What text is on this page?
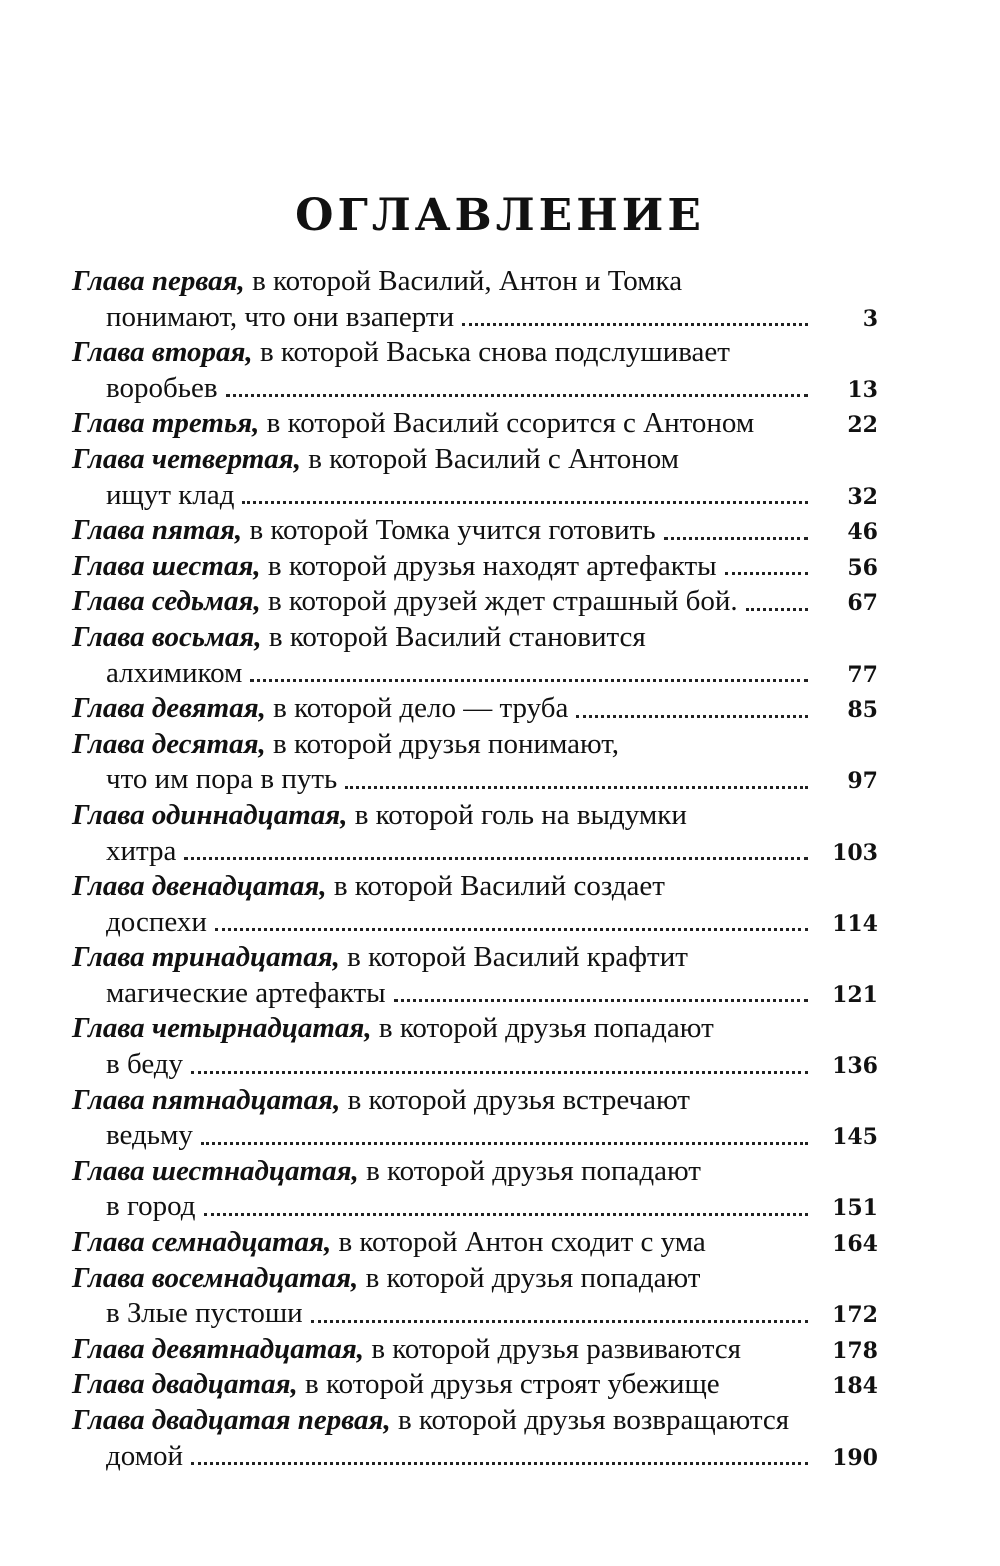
ОГЛАВЛЕНИЕ
Глава первая, в которой Василий, Антон и Томка
понимают, что они взаперти	3
Глава вторая, в которой Васька снова подслушивает
воробьев	13
Глава третья, в которой Василий ссорится с Антоном	22
Глава четвертая, в которой Василий с Антоном
ищут клад	32
Глава пятая, в которой Томка учится готовить	46
Глава шестая, в которой друзья находят артефакты	56
Глава седьмая, в которой друзей ждет страшный бой.	67
Глава восьмая, в которой Василий становится
алхимиком	77
Глава девятая, в которой дело — труба	85
Глава десятая, в которой друзья понимают,
что им пора в путь	97
Глава одиннадцатая, в которой голь на выдумки
хитра	103
Глава двенадцатая, в которой Василий создает
доспехи	114
Глава тринадцатая, в которой Василий крафтит
магические артефакты	121
Глава четырнадцатая, в которой друзья попадают
в беду	136
Глава пятнадцатая, в которой друзья встречают
ведьму	145
Глава шестнадцатая, в которой друзья попадают
в город	151
Глава семнадцатая, в которой Антон сходит с ума	164
Глава восемнадцатая, в которой друзья попадают
в Злые пустоши	172
Глава девятнадцатая, в которой друзья развиваются	178
Глава двадцатая, в которой друзья строят убежище	184
Глава двадцатая первая, в которой друзья возвращаются
домой	190
